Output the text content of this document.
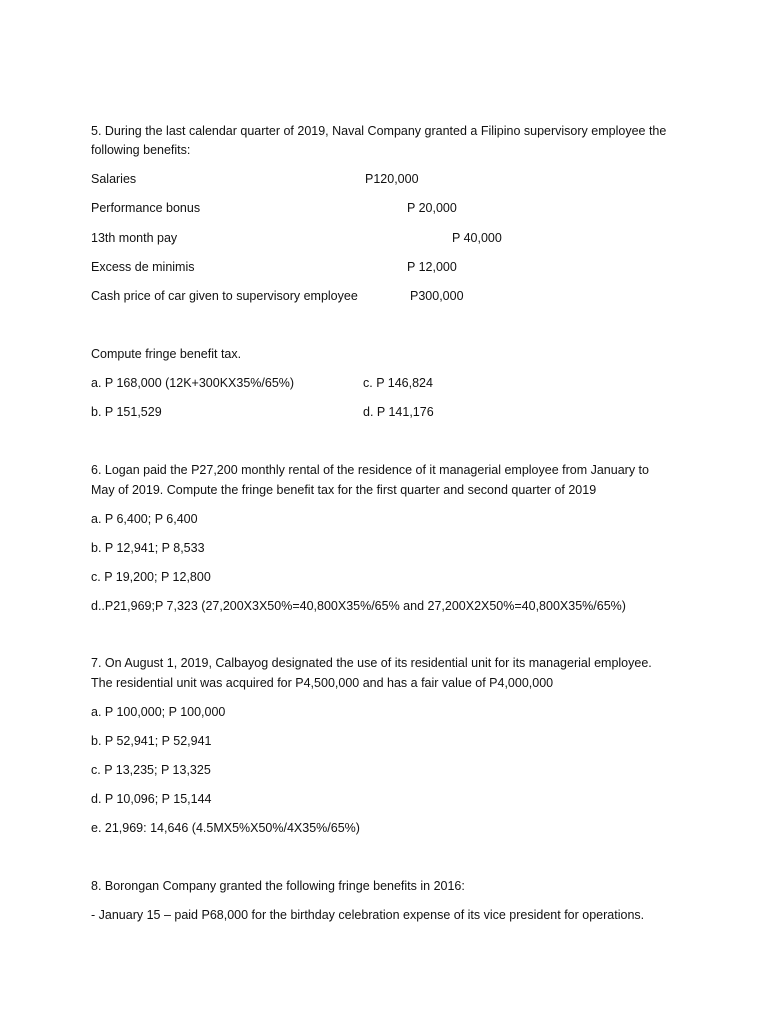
5. During the last calendar quarter of 2019, Naval Company granted a Filipino supervisory employee the
following benefits:
Salaries	P120,000
Performance bonus	P 20,000
13th month pay	P 40,000
Excess de minimis	P 12,000
Cash price of car given to supervisory employee	P300,000
Compute fringe benefit tax.
a. P 168,000 (12K+300KX35%/65%)	c. P 146,824
b. P 151,529	d. P 141,176
6. Logan paid the P27,200 monthly rental of the residence of it managerial employee from January to
May of 2019. Compute the fringe benefit tax for the first quarter and second quarter of 2019
a. P 6,400; P 6,400
b. P 12,941; P 8,533
c. P 19,200; P 12,800
d..P21,969;P 7,323 (27,200X3X50%=40,800X35%/65% and 27,200X2X50%=40,800X35%/65%)
7. On August 1, 2019, Calbayog designated the use of its residential unit for its managerial employee.
The residential unit was acquired for P4,500,000 and has a fair value of P4,000,000
a. P 100,000; P 100,000
b. P 52,941; P 52,941
c. P 13,235; P 13,325
d. P 10,096; P 15,144
e. 21,969: 14,646 (4.5MX5%X50%/4X35%/65%)
8. Borongan Company granted the following fringe benefits in 2016:
- January 15 – paid P68,000 for the birthday celebration expense of its vice president for operations.
